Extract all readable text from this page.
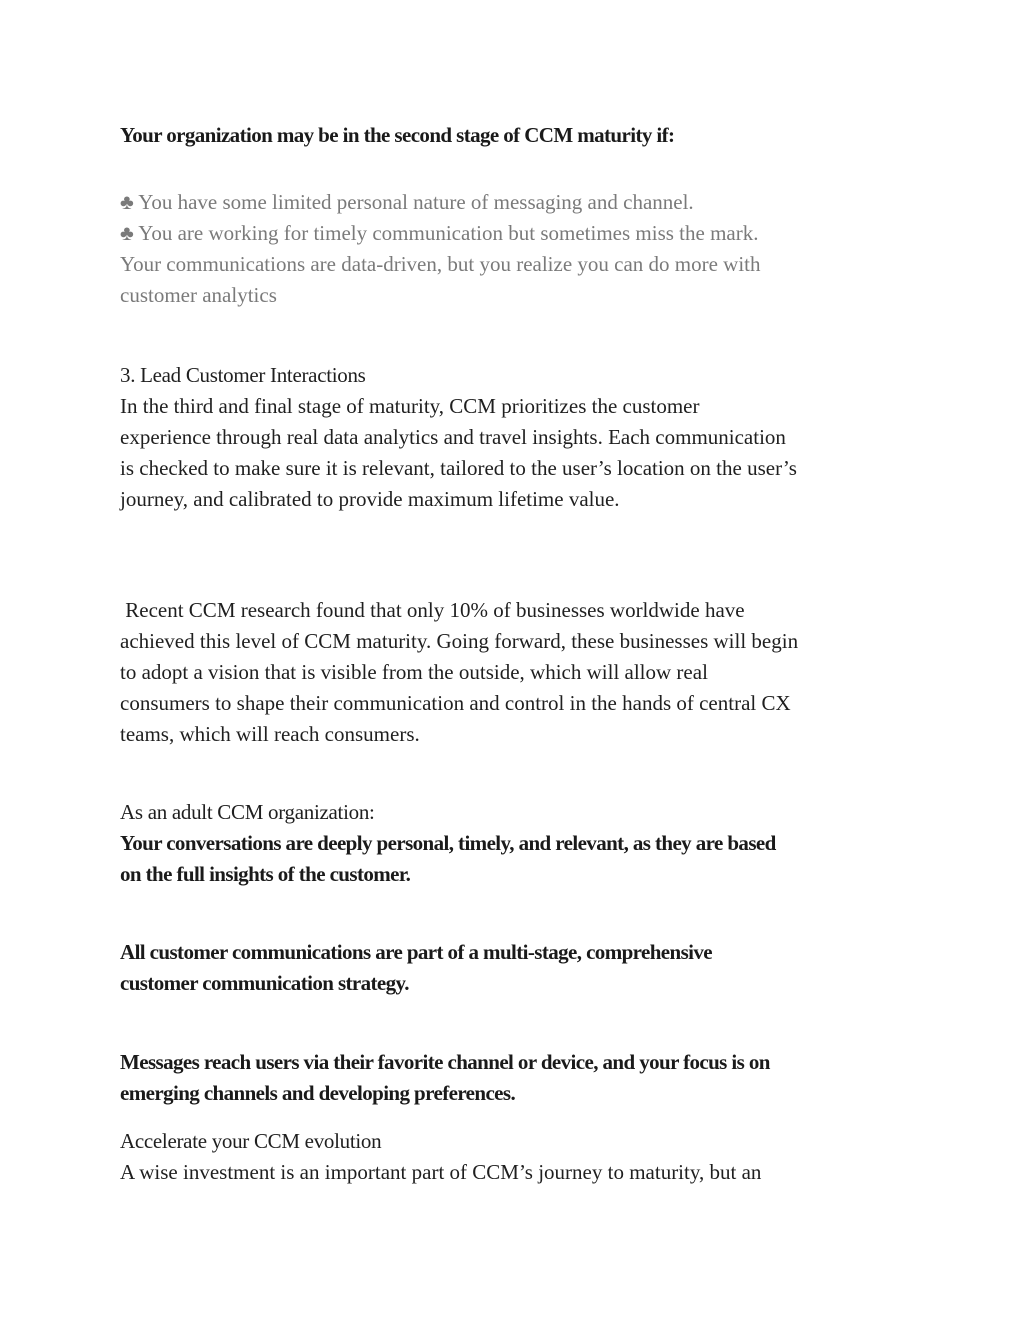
Your organization may be in the second stage of CCM maturity if:
♣ You have some limited personal nature of messaging and channel.
♣ You are working for timely communication but sometimes miss the mark.
Your communications are data-driven, but you realize you can do more with
customer analytics
3. Lead Customer Interactions
In the third and final stage of maturity, CCM prioritizes the customer
experience through real data analytics and travel insights. Each communication
is checked to make sure it is relevant, tailored to the user’s location on the user’s
journey, and calibrated to provide maximum lifetime value.
Recent CCM research found that only 10% of businesses worldwide have
achieved this level of CCM maturity. Going forward, these businesses will begin
to adopt a vision that is visible from the outside, which will allow real
consumers to shape their communication and control in the hands of central CX
teams, which will reach consumers.
As an adult CCM organization:
Your conversations are deeply personal, timely, and relevant, as they are based
on the full insights of the customer.
All customer communications are part of a multi-stage, comprehensive
customer communication strategy.
Messages reach users via their favorite channel or device, and your focus is on
emerging channels and developing preferences.
Accelerate your CCM evolution
A wise investment is an important part of CCM’s journey to maturity, but an
